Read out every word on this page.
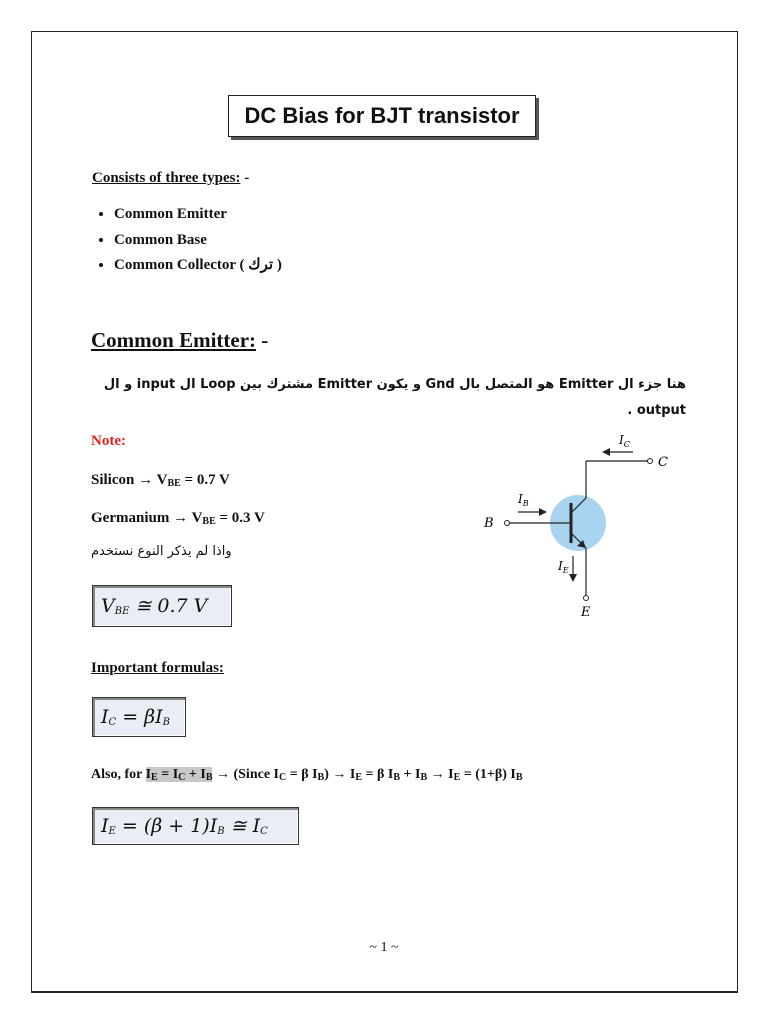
DC Bias for BJT transistor
Consists of three types: -
• Common Emitter
• Common Base
• Common Collector ( ترك )
Common Emitter: -
هنا جزء ال Emitter هو المتصل بال Gnd و يكون Emitter مشترك بين Loop ال input و ال output .
Note:
Silicon → $V_{BE} = 0.7$ V
Germanium → $V_{BE} = 0.3$ V
واذا لم يذكر النوع نستخدم
$V_{BE}$ ≅ 0.7 V
Important formulas:
$I_C = \beta I_B$
Also, for $I_E = I_C + I_B$ → (Since $I_C = \beta$ $I_B) \to I_E = \beta$ $I_B + I_B \to I_E = (1+\beta)$ $I_B$
$I_E = (\beta + 1)I_B$ ≅ $I_C$
$I_C$
C
$I_B$
B
$I_E$
E
~ 1 ~
